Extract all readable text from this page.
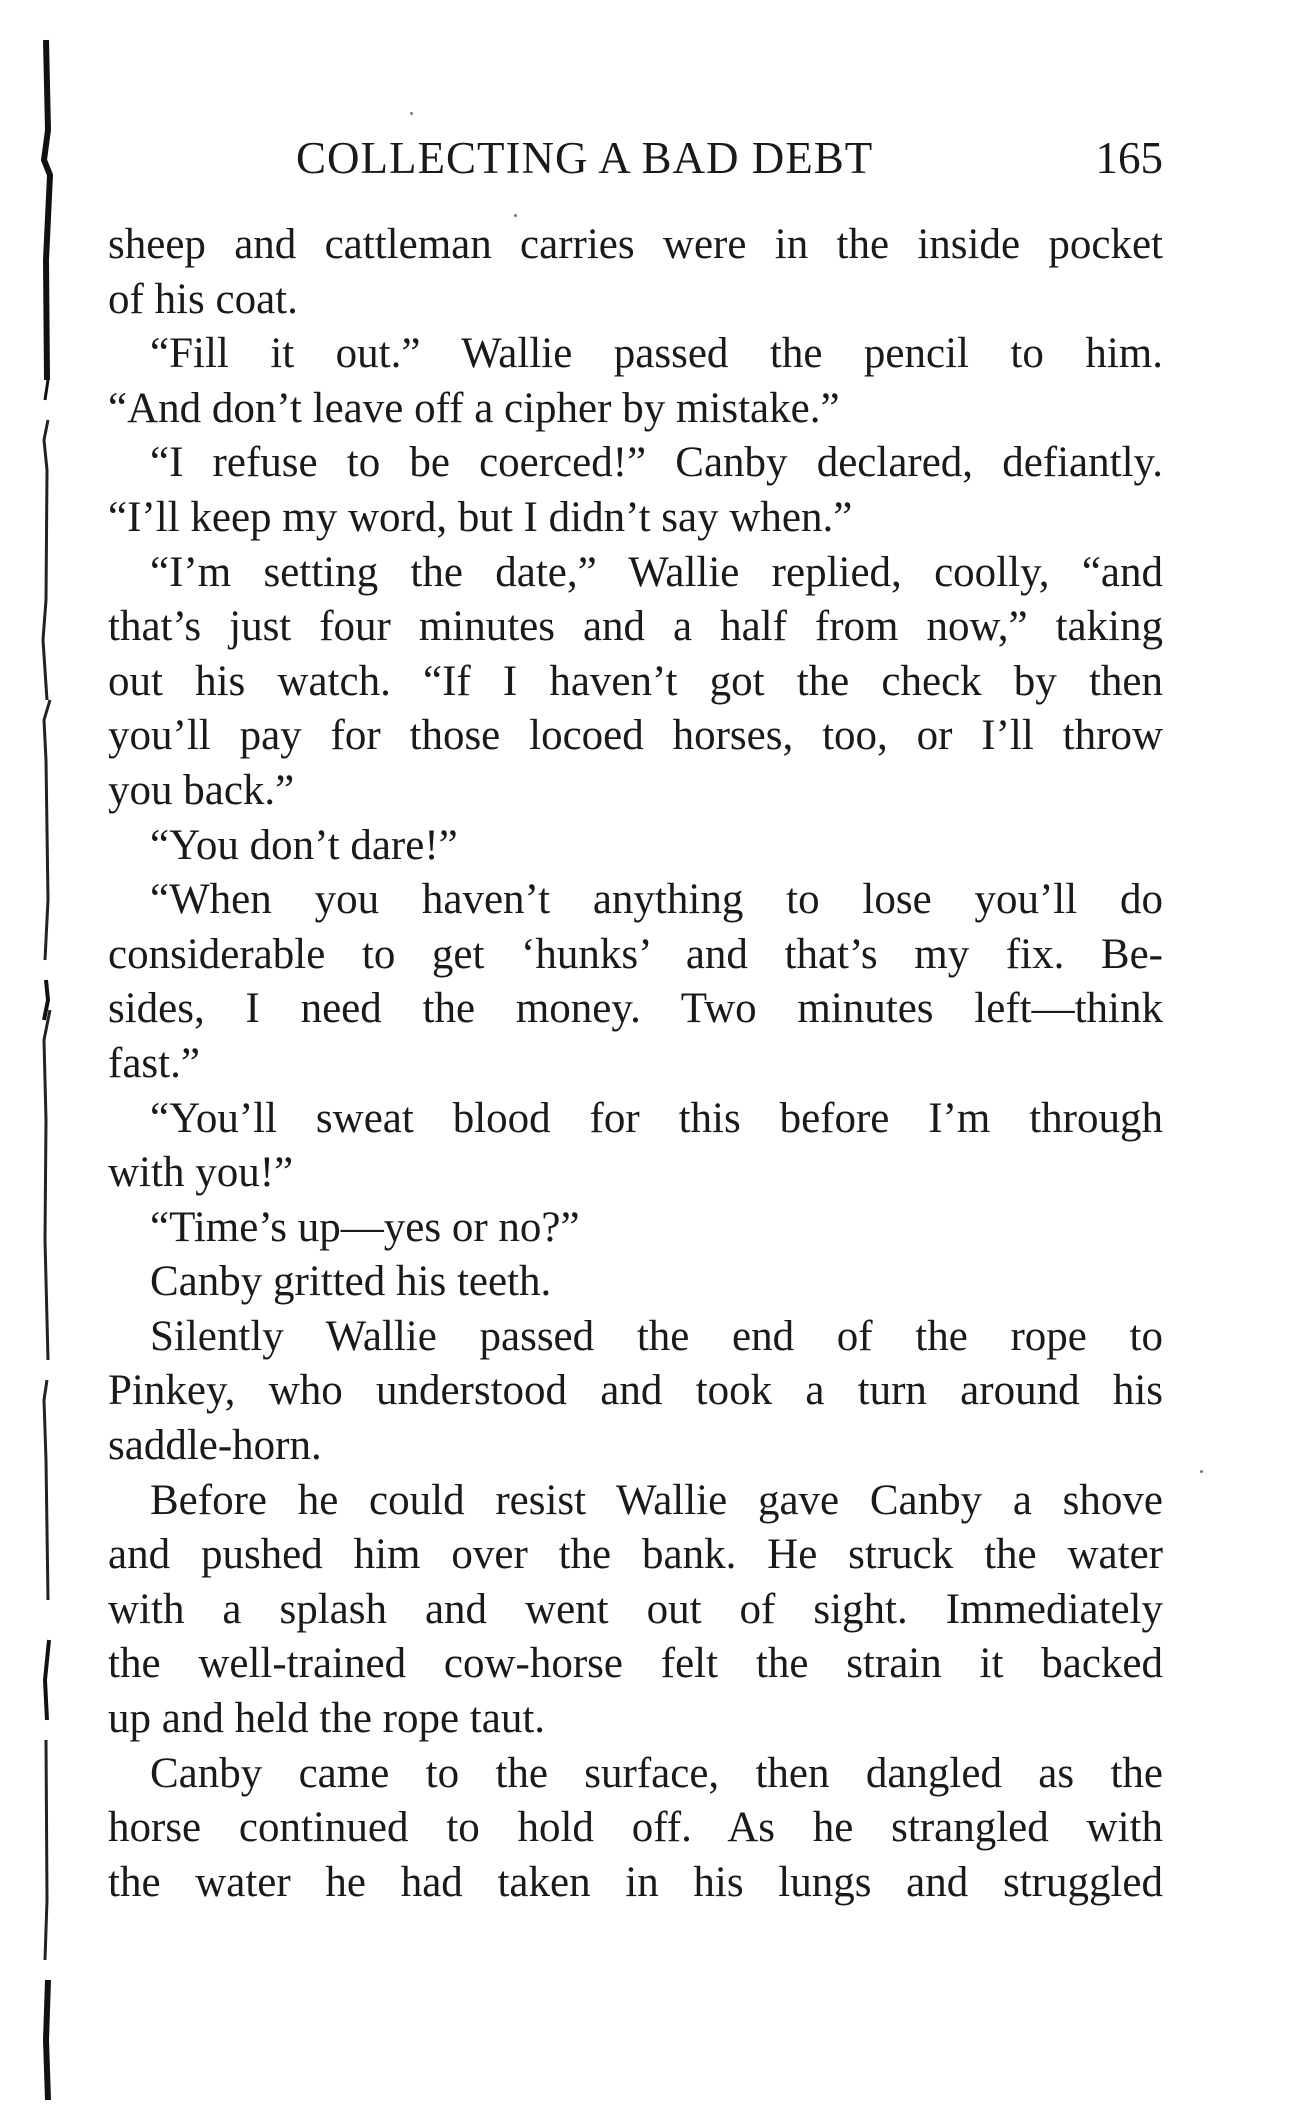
COLLECTING A BAD DEBT	165
sheep and cattleman carries were in the inside pocket
of his coat.
“Fill it out.” Wallie passed the pencil to him.
“And don’t leave off a cipher by mistake.”
“I refuse to be coerced!” Canby declared, defiantly.
“I’ll keep my word, but I didn’t say when.”
“I’m setting the date,” Wallie replied, coolly, “and
that’s just four minutes and a half from now,” taking
out his watch. “If I haven’t got the check by then
you’ll pay for those locoed horses, too, or I’ll throw
you back.”
“You don’t dare!”
“When you haven’t anything to lose you’ll do
considerable to get ‘hunks’ and that’s my fix. Be-
sides, I need the money. Two minutes left—think
fast.”
“You’ll sweat blood for this before I’m through
with you!”
“Time’s up—yes or no?”
Canby gritted his teeth.
Silently Wallie passed the end of the rope to
Pinkey, who understood and took a turn around his
saddle-horn.
Before he could resist Wallie gave Canby a shove
and pushed him over the bank. He struck the water
with a splash and went out of sight. Immediately
the well-trained cow-horse felt the strain it backed
up and held the rope taut.
Canby came to the surface, then dangled as the
horse continued to hold off. As he strangled with
the water he had taken in his lungs and struggled
